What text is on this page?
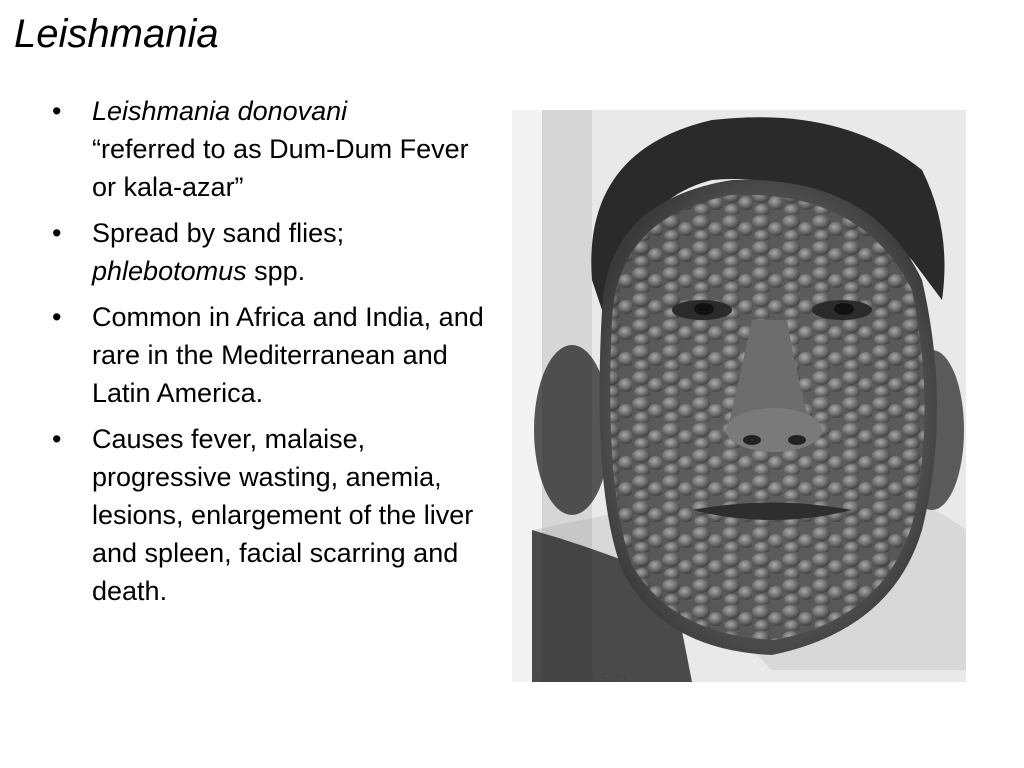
Leishmania
• Leishmania donovani
“referred to as Dum-Dum Fever or kala-azar”
• Spread by sand flies; phlebotomus spp.
• Common in Africa and India, and rare in the Mediterranean and Latin America.
• Causes fever, malaise, progressive wasting, anemia, lesions, enlargement of the liver and spleen, facial scarring and death.
FIGURE 5.21
